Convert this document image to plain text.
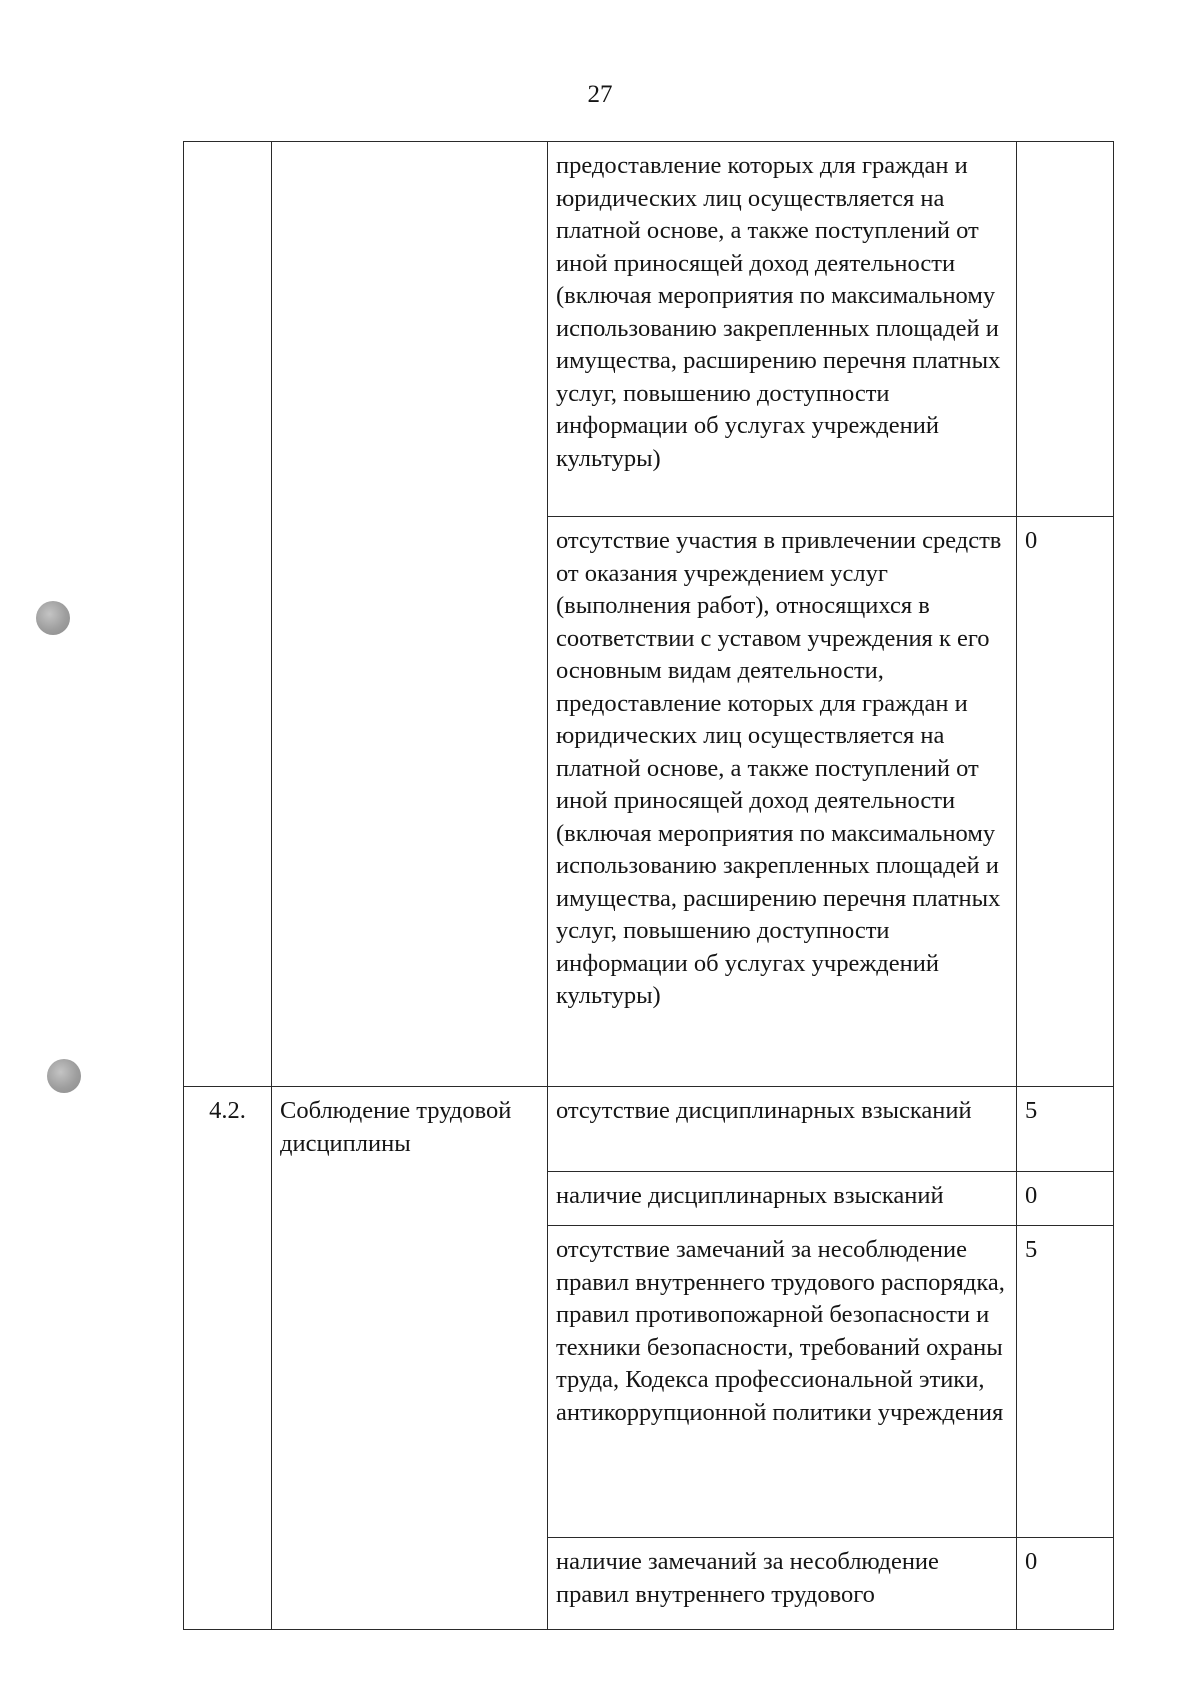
27
		предоставление которых для граждан и юридических лиц осуществляется на платной основе, а также поступлений от иной приносящей доход деятельности (включая мероприятия по максимальному использованию закрепленных площадей и имущества, расширению перечня платных услуг, повышению доступности информации об услугах учреждений культуры)	
		отсутствие участия в привлечении средств от оказания учреждением услуг (выполнения работ), относящихся в соответствии с уставом учреждения к его основным видам деятельности, предоставление которых для граждан и юридических лиц осуществляется на платной основе, а также поступлений от иной приносящей доход деятельности (включая мероприятия по максимальному использованию закрепленных площадей и имущества, расширению перечня платных услуг, повышению доступности информации об услугах учреждений культуры)	0
4.2.	Соблюдение трудовой дисциплины	отсутствие дисциплинарных взысканий	5
		наличие дисциплинарных взысканий	0
		отсутствие замечаний за несоблюдение правил внутреннего трудового распорядка, правил противопожарной безопасности и техники безопасности, требований охраны труда, Кодекса профессиональной этики, антикоррупционной политики учреждения	5
		наличие замечаний за несоблюдение правил внутреннего трудового	0
